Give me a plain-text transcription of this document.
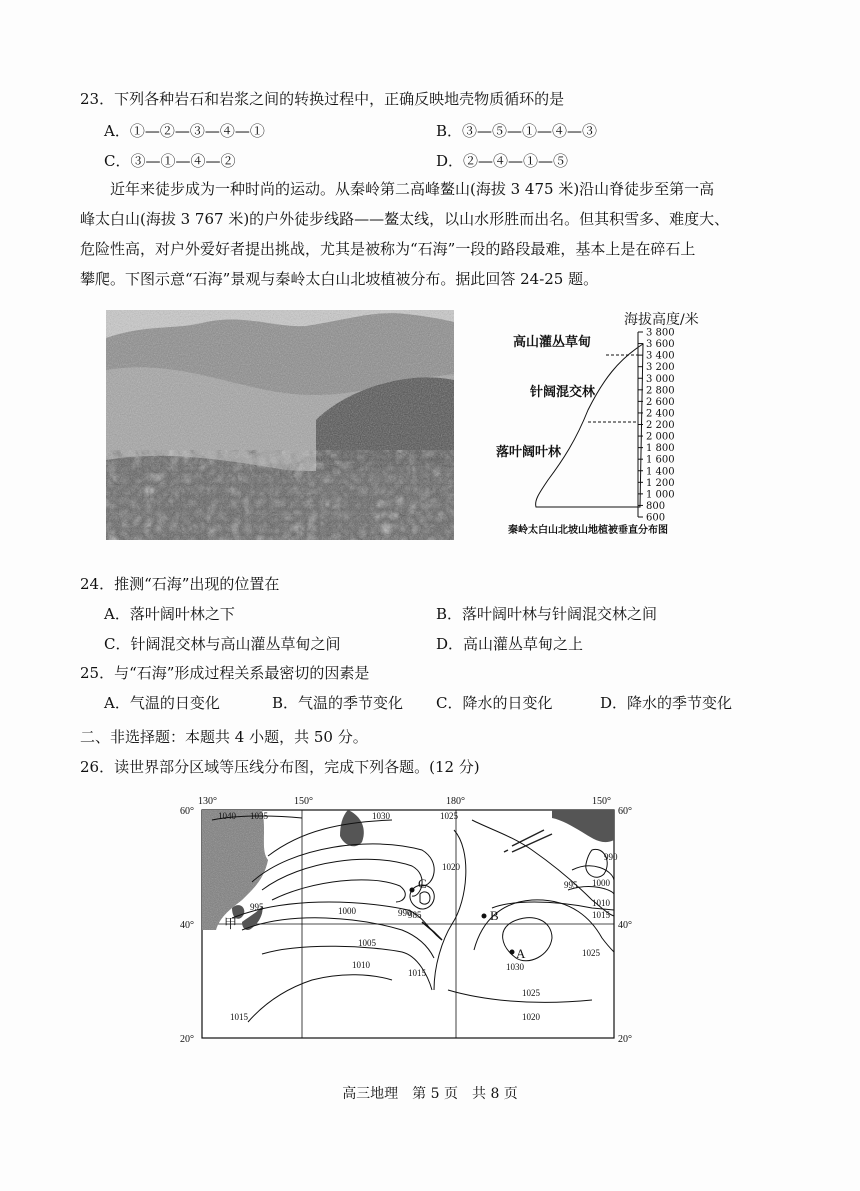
23．下列各种岩石和岩浆之间的转换过程中，正确反映地壳物质循环的是
A．①—②—③—④—①	B．③—⑤—①—④—③
C．③—①—④—②	D．②—④—①—⑤
近年来徒步成为一种时尚的运动。从秦岭第二高峰鳌山(海拔 3 475 米)沿山脊徒步至第一高
峰太白山(海拔 3 767 米)的户外徒步线路——鳌太线，以山水形胜而出名。但其积雪多、难度大、
危险性高，对户外爱好者提出挑战，尤其是被称为“石海”一段的路段最难，基本上是在碎石上
攀爬。下图示意“石海”景观与秦岭太白山北坡植被分布。据此回答 24-25 题。
海拔高度/米
3 800
3 600
3 400
3 200
3 000
2 800
2 600
2 400
2 200
2 000
1 800
1 600
1 400
1 200
1 000
800
600
高山灌丛草甸
针阔混交林
落叶阔叶林
秦岭太白山北坡山地植被垂直分布图
24．推测“石海”出现的位置在
A．落叶阔叶林之下	B．落叶阔叶林与针阔混交林之间
C．针阔混交林与高山灌丛草甸之间	D．高山灌丛草甸之上
25．与“石海”形成过程关系最密切的因素是
A．气温的日变化	B．气温的季节变化 C．降水的日变化	D．降水的季节变化
二、非选择题：本题共 4 小题，共 50 分。
26．读世界部分区域等压线分布图，完成下列各题。(12 分)
1040 1035	1030	1025
995	1000	990
985
1005
1010
1015
1020
995 1000
1010
1015
1025
1030
1025
1020
1015
990
C
B
A
甲
130°	150°	180°	150°
60°	60°
40°	40°
20°	20°
高三地理　第 5 页　共 8 页
